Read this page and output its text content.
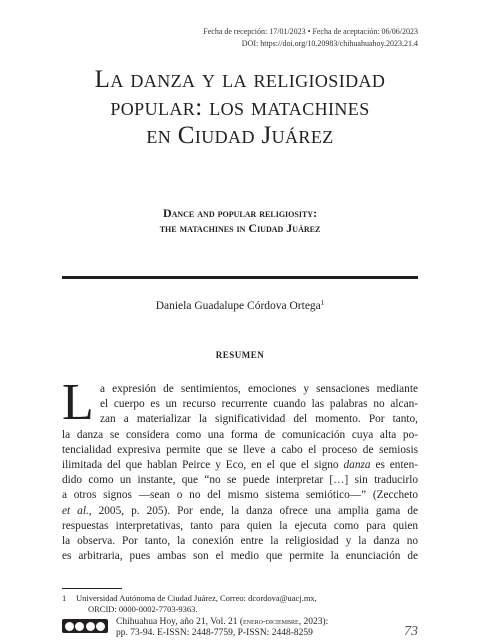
Fecha de recepción: 17/01/2023 • Fecha de aceptación: 06/06/2023
DOI: https://doi.org/10.20983/chihuahuahoy.2023.21.4
La danza y la religiosidad
popular: los matachines
en Ciudad Juárez
Dance and popular religiosity:
the matachines in Ciudad Juárez
Daniela Guadalupe Córdova Ortega$^1$
RESUMEN
L a expresión de sentimientos, emociones y sensaciones mediante
el cuerpo es un recurso recurrente cuando las palabras no alcan-
zan a materializar la significatividad del momento. Por tanto,
la danza se considera como una forma de comunicación cuya alta po-
tencialidad expresiva permite que se lleve a cabo el proceso de semiosis
ilimitada del que hablan Peirce y Eco, en el que el signo danza es enten-
dido como un instante, que “no se puede interpretar […] sin traducirlo
a otros signos —sean o no del mismo sistema semiótico—” (Zeccheto
et al., 2005, p. 205). Por ende, la danza ofrece una amplia gama de
respuestas interpretativas, tanto para quien la ejecuta como para quien
la observa. Por tanto, la conexión entre la religiosidad y la danza no
es arbitraria, pues ambas son el medio que permite la enunciación de
1 Universidad Autónoma de Ciudad Juárez, Correo: dcordova@uacj.mx,
ORCID: 0000-0002-7703-9363.
Chihuahua Hoy, año 21, Vol. 21 (enero-diciembre, 2023):
pp. 73-94. E-ISSN: 2448-7759, P-ISSN: 2448-8259	73
